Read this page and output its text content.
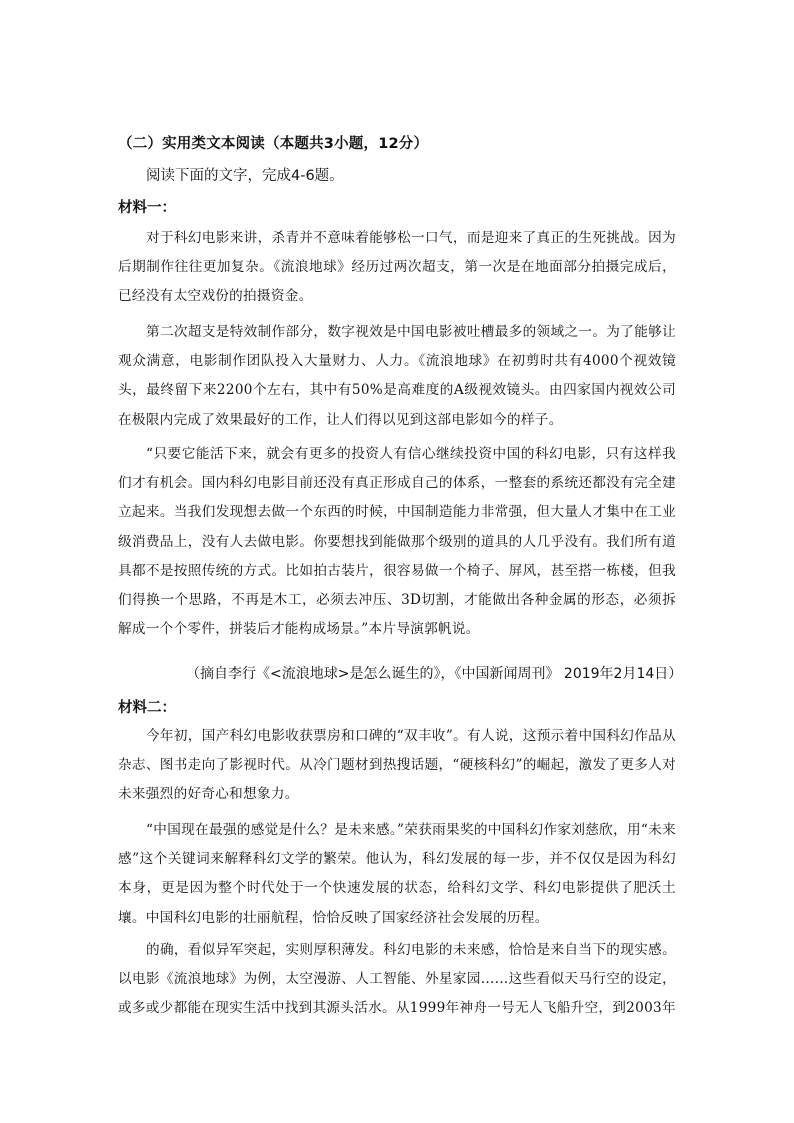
（二）实用类文本阅读（本题共3小题，12分）
阅读下面的文字，完成4-6题。
材料一：
对于科幻电影来讲，杀青并不意味着能够松一口气，而是迎来了真正的生死挑战。因为后期制作往往更加复杂。《流浪地球》经历过两次超支，第一次是在地面部分拍摄完成后，已经没有太空戏份的拍摄资金。
第二次超支是特效制作部分，数字视效是中国电影被吐槽最多的领域之一。为了能够让观众满意，电影制作团队投入大量财力、人力。《流浪地球》在初剪时共有4000个视效镜头，最终留下来2200个左右，其中有50%是高难度的A级视效镜头。由四家国内视效公司在极限内完成了效果最好的工作，让人们得以见到这部电影如今的样子。
“只要它能活下来，就会有更多的投资人有信心继续投资中国的科幻电影，只有这样我们才有机会。国内科幻电影目前还没有真正形成自己的体系，一整套的系统还都没有完全建立起来。当我们发现想去做一个东西的时候，中国制造能力非常强，但大量人才集中在工业级消费品上，没有人去做电影。你要想找到能做那个级别的道具的人几乎没有。我们所有道具都不是按照传统的方式。比如拍古装片，很容易做一个椅子、屏风，甚至搭一栋楼，但我们得换一个思路，不再是木工，必须去冲压、3D切割，才能做出各种金属的形态，必须拆解成一个个零件，拼装后才能构成场景。”本片导演郭帆说。
（摘自李行《<流浪地球>是怎么诞生的》，《中国新闻周刊》 2019年2月14日）
材料二：
今年初，国产科幻电影收获票房和口碑的“双丰收”。有人说，这预示着中国科幻作品从杂志、图书走向了影视时代。从冷门题材到热搜话题，“硬核科幻”的崛起，激发了更多人对未来强烈的好奇心和想象力。
“中国现在最强的感觉是什么？是未来感。”荣获雨果奖的中国科幻作家刘慈欣，用“未来感”这个关键词来解释科幻文学的繁荣。他认为，科幻发展的每一步，并不仅仅是因为科幻本身，更是因为整个时代处于一个快速发展的状态，给科幻文学、科幻电影提供了肥沃土壤。中国科幻电影的壮丽航程，恰恰反映了国家经济社会发展的历程。
的确，看似异军突起，实则厚积薄发。科幻电影的未来感，恰恰是来自当下的现实感。以电影《流浪地球》为例，太空漫游、人工智能、外星家园……这些看似天马行空的设定，或多或少都能在现实生活中找到其源头活水。从1999年神舟一号无人飞船升空，到2003年
